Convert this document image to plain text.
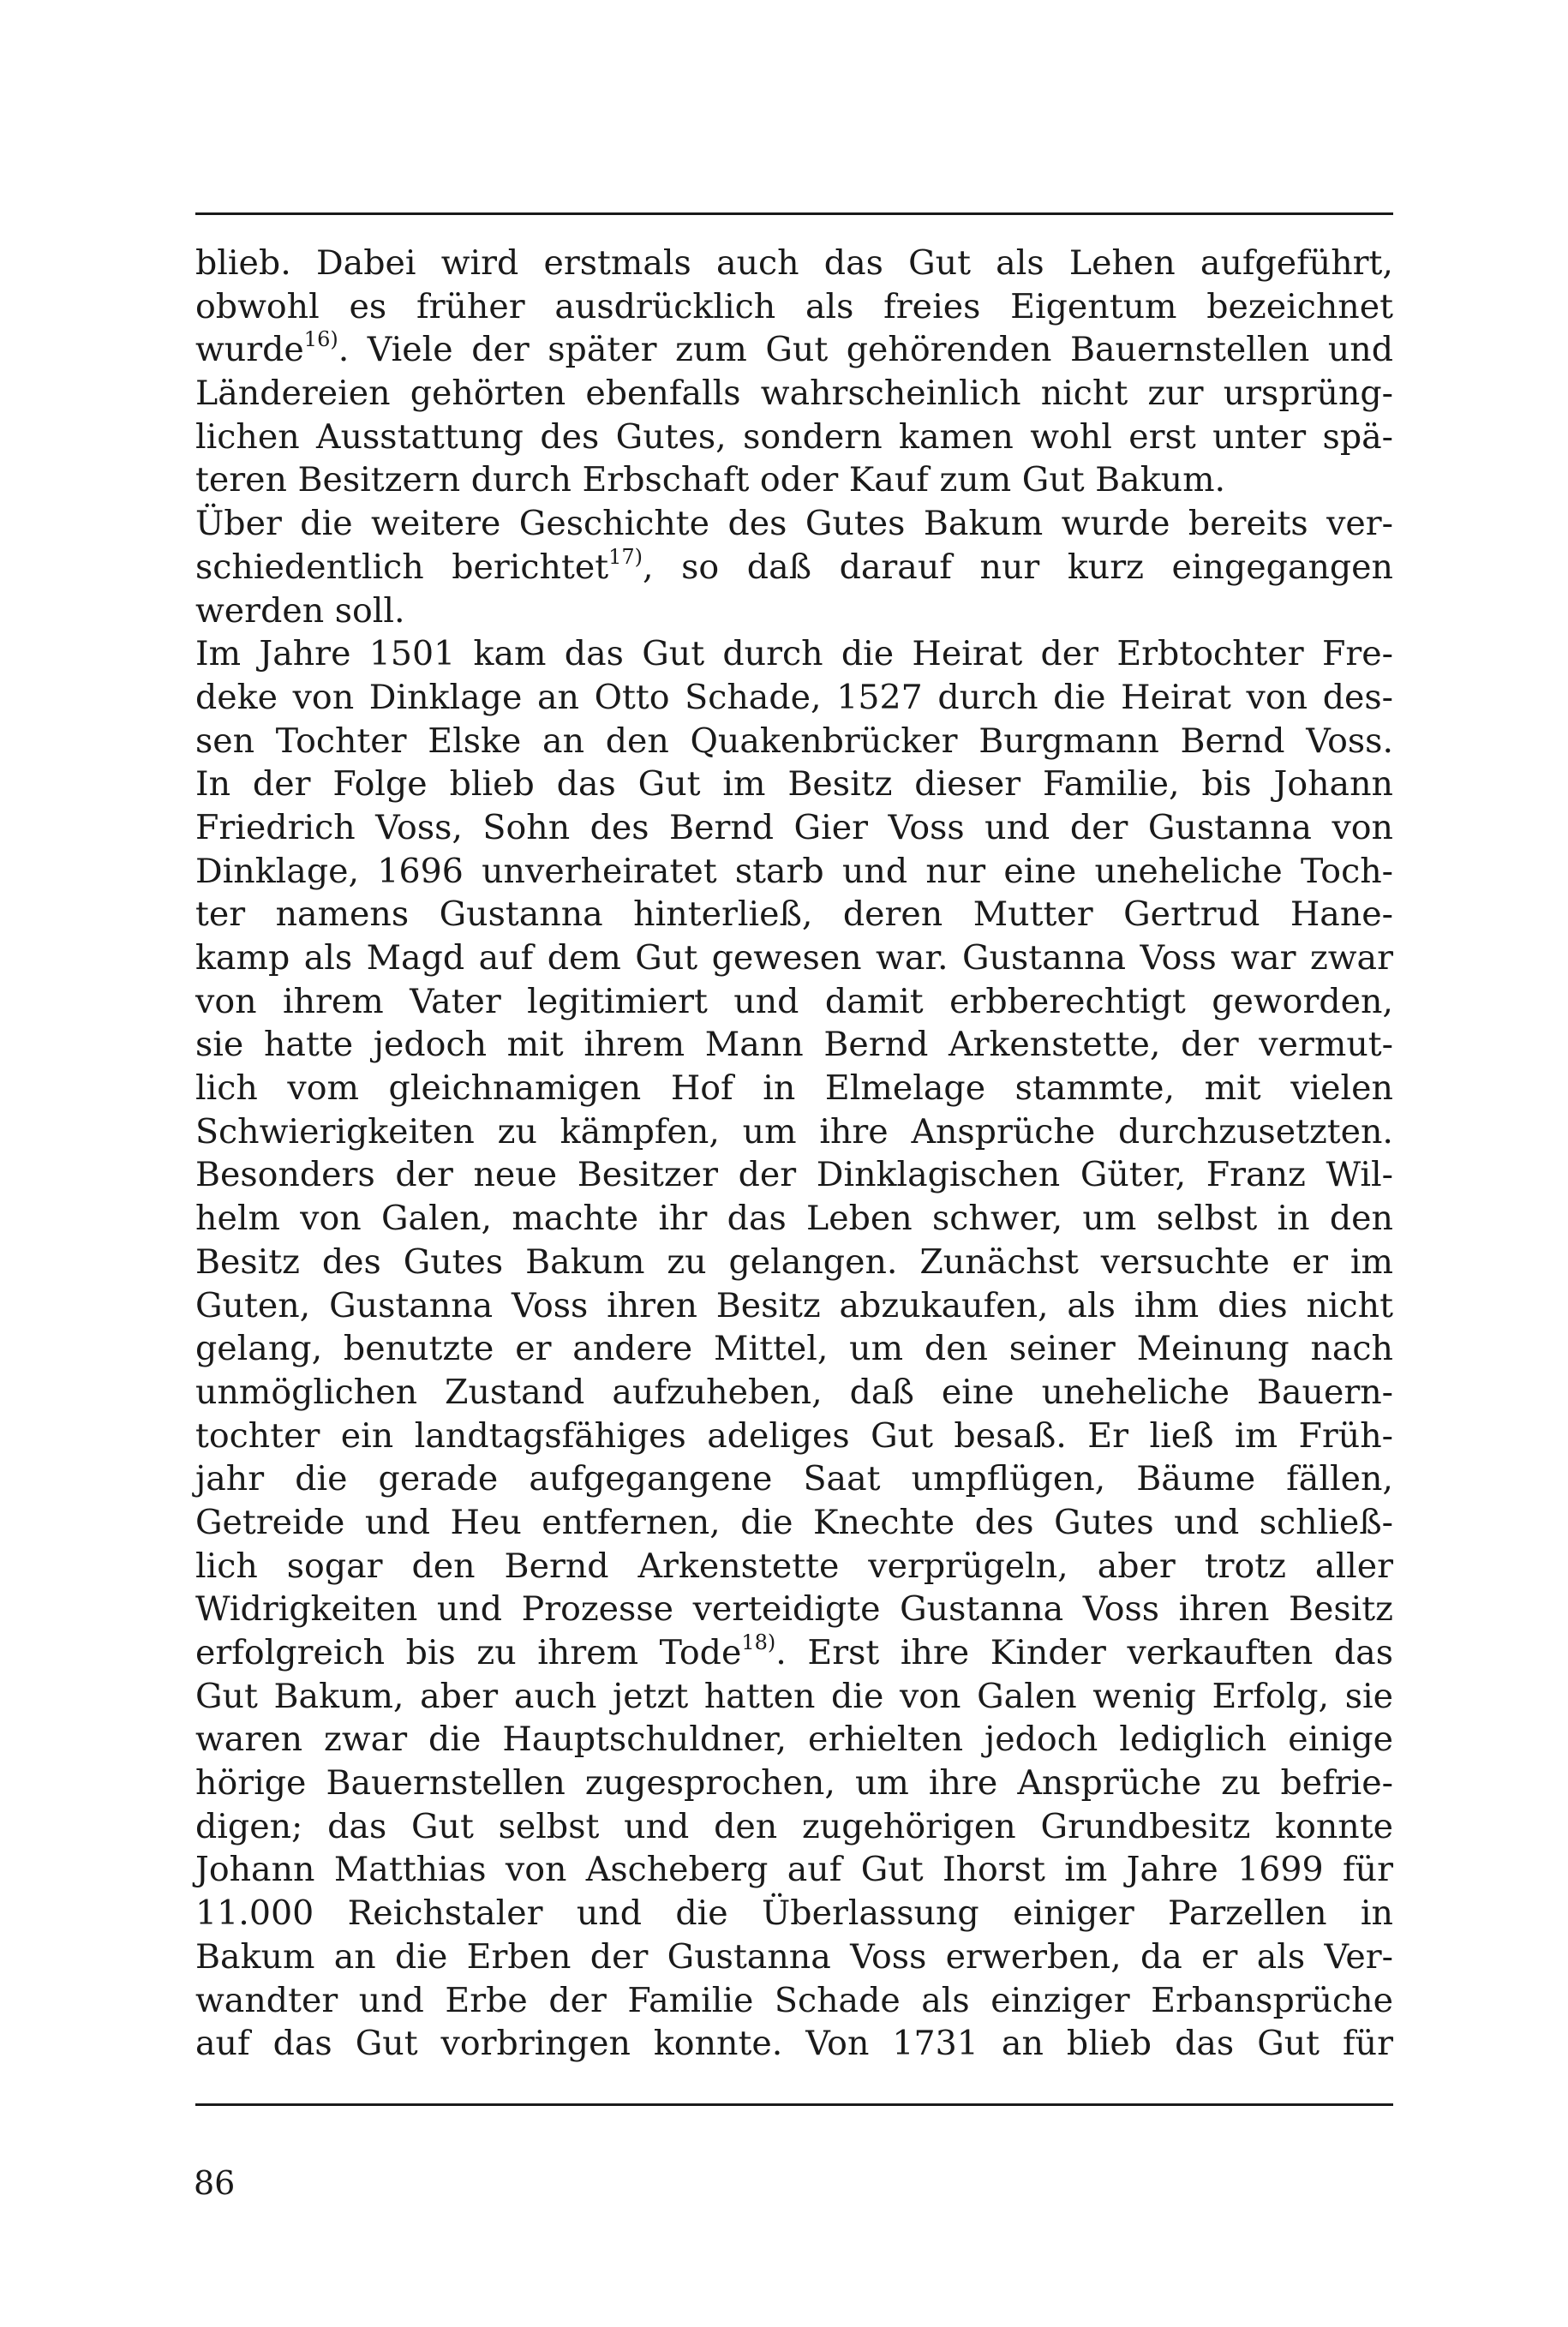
blieb. Dabei wird erstmals auch das Gut als Lehen aufgeführt,
obwohl es früher ausdrücklich als freies Eigentum bezeichnet
wurde$^{16)}$. Viele der später zum Gut gehörenden Bauernstellen und
Ländereien gehörten ebenfalls wahrscheinlich nicht zur ursprüng-
lichen Ausstattung des Gutes, sondern kamen wohl erst unter spä-
teren Besitzern durch Erbschaft oder Kauf zum Gut Bakum.
Über die weitere Geschichte des Gutes Bakum wurde bereits ver-
schiedentlich berichtet$^{17)}$, so daß darauf nur kurz eingegangen
werden soll.
Im Jahre 1501 kam das Gut durch die Heirat der Erbtochter Fre-
deke von Dinklage an Otto Schade, 1527 durch die Heirat von des-
sen Tochter Elske an den Quakenbrücker Burgmann Bernd Voss.
In der Folge blieb das Gut im Besitz dieser Familie, bis Johann
Friedrich Voss, Sohn des Bernd Gier Voss und der Gustanna von
Dinklage, 1696 unverheiratet starb und nur eine uneheliche Toch-
ter namens Gustanna hinterließ, deren Mutter Gertrud Hane-
kamp als Magd auf dem Gut gewesen war. Gustanna Voss war zwar
von ihrem Vater legitimiert und damit erbberechtigt geworden,
sie hatte jedoch mit ihrem Mann Bernd Arkenstette, der vermut-
lich vom gleichnamigen Hof in Elmelage stammte, mit vielen
Schwierigkeiten zu kämpfen, um ihre Ansprüche durchzusetzten.
Besonders der neue Besitzer der Dinklagischen Güter, Franz Wil-
helm von Galen, machte ihr das Leben schwer, um selbst in den
Besitz des Gutes Bakum zu gelangen. Zunächst versuchte er im
Guten, Gustanna Voss ihren Besitz abzukaufen, als ihm dies nicht
gelang, benutzte er andere Mittel, um den seiner Meinung nach
unmöglichen Zustand aufzuheben, daß eine uneheliche Bauern-
tochter ein landtagsfähiges adeliges Gut besaß. Er ließ im Früh-
jahr die gerade aufgegangene Saat umpflügen, Bäume fällen,
Getreide und Heu entfernen, die Knechte des Gutes und schließ-
lich sogar den Bernd Arkenstette verprügeln, aber trotz aller
Widrigkeiten und Prozesse verteidigte Gustanna Voss ihren Besitz
erfolgreich bis zu ihrem Tode$^{18)}$. Erst ihre Kinder verkauften das
Gut Bakum, aber auch jetzt hatten die von Galen wenig Erfolg, sie
waren zwar die Hauptschuldner, erhielten jedoch lediglich einige
hörige Bauernstellen zugesprochen, um ihre Ansprüche zu befrie-
digen; das Gut selbst und den zugehörigen Grundbesitz konnte
Johann Matthias von Ascheberg auf Gut Ihorst im Jahre 1699 für
11.000 Reichstaler und die Überlassung einiger Parzellen in
Bakum an die Erben der Gustanna Voss erwerben, da er als Ver-
wandter und Erbe der Familie Schade als einziger Erbansprüche
auf das Gut vorbringen konnte. Von 1731 an blieb das Gut für
86
